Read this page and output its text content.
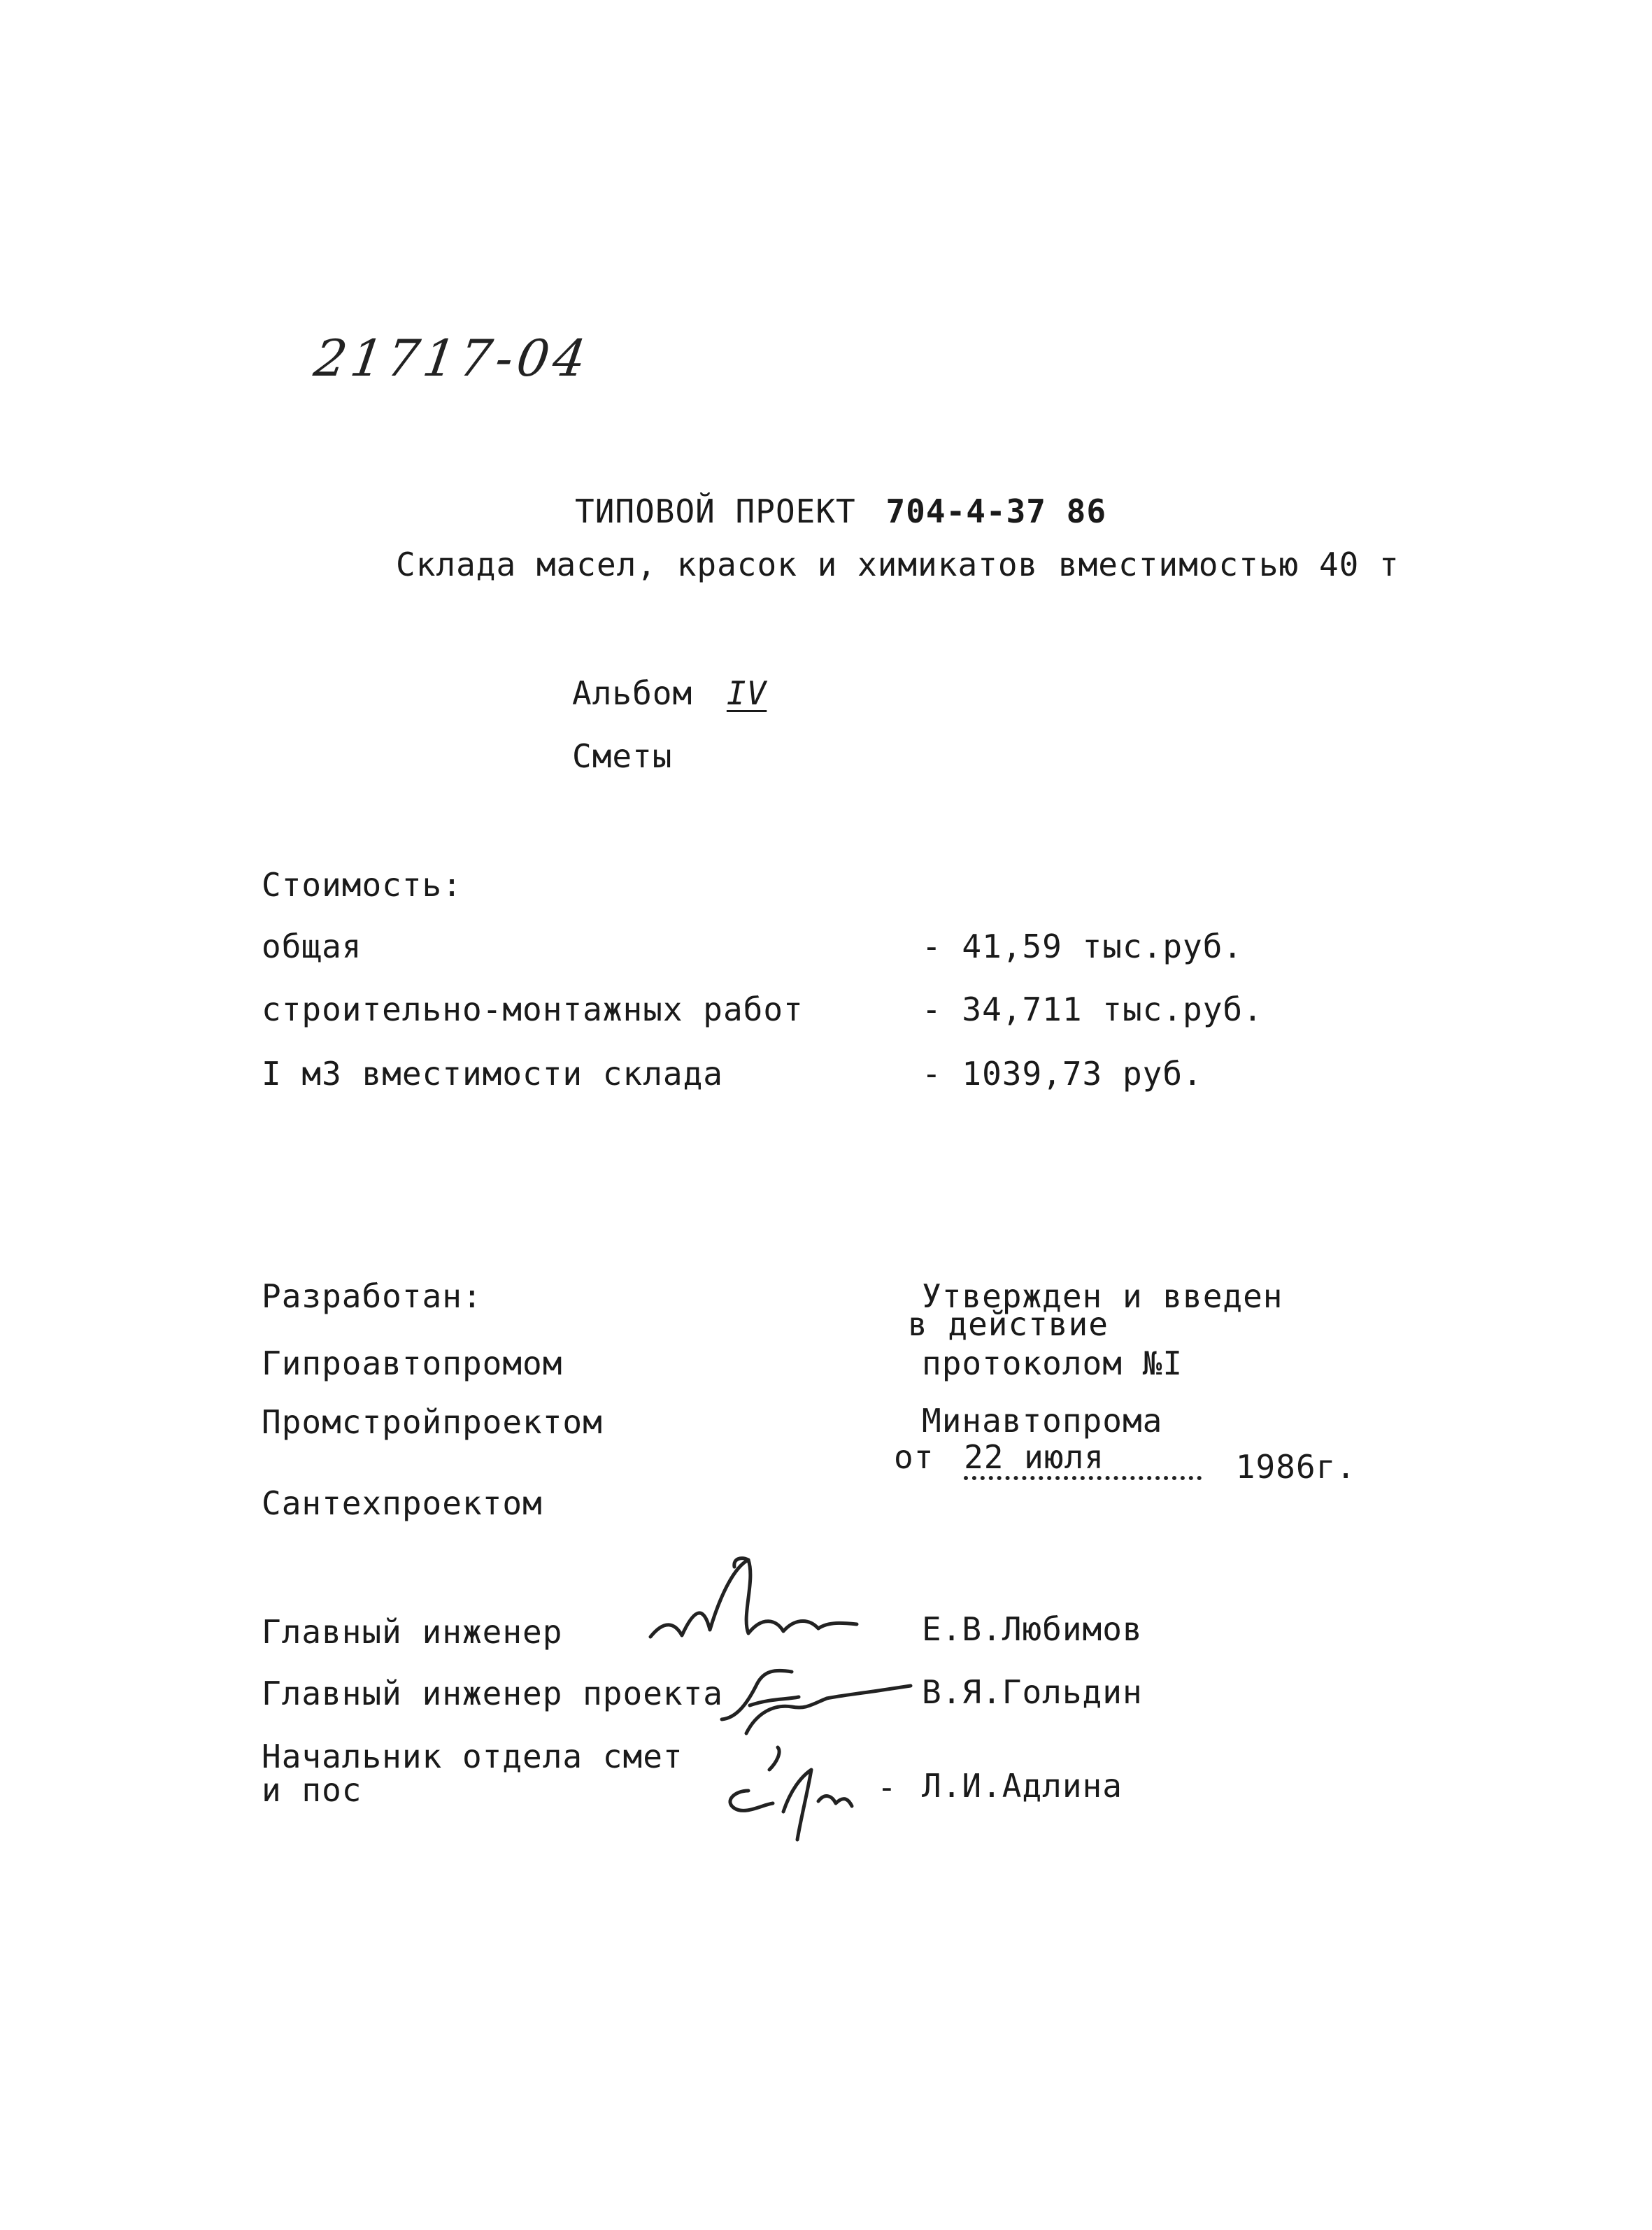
21717-04
ТИПОВОЙ ПРОЕКТ 704-4-37 86
Склада масел, красок и химикатов вместимостью 40 т
Альбом IV
Сметы
Стоимость:
общая	- 41,59 тыс.руб.
строительно-монтажных работ	- 34,711 тыс.руб.
I м3 вместимости склада	- 1039,73 руб.
Разработан:
Гипроавтопромом
Промстройпроектом
Сантехпроектом
Утвержден и введен
в действие
протоколом №I
Минавтопрома
от 22 июля	1986г.
Главный инженер	Е.В.Любимов
Главный инженер проекта	В.Я.Гольдин
Начальник отдела смет
и пос	- Л.И.Адлина
